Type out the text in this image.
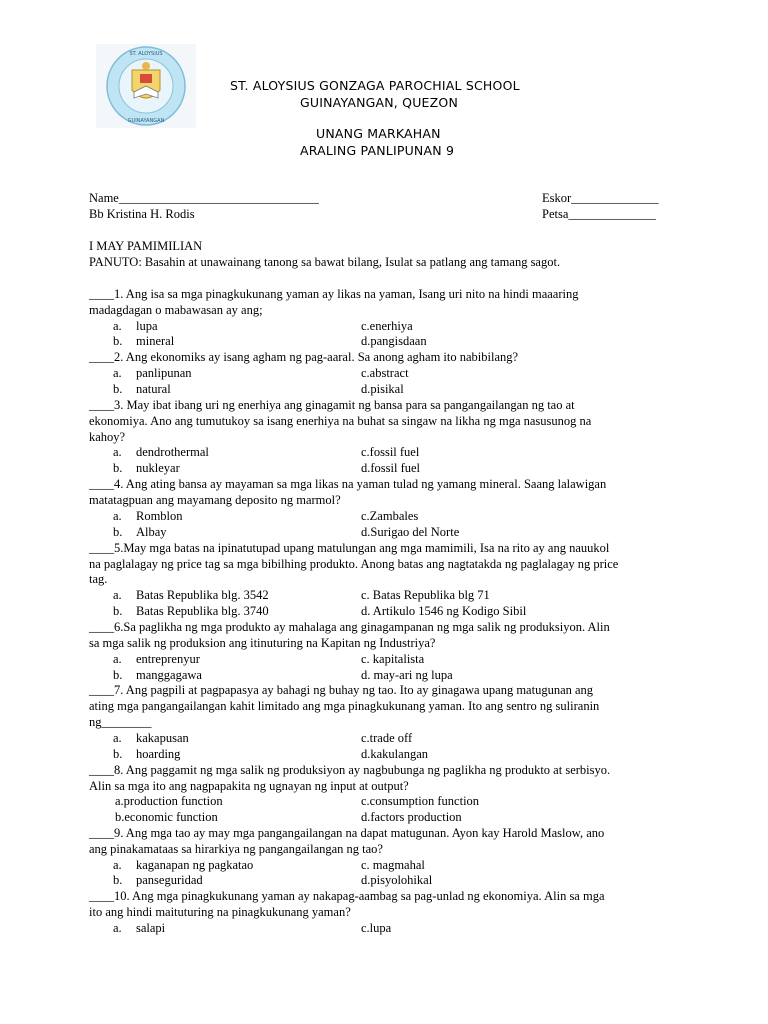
ST. ALOYSIUS
GUINAYANGAN
ST. ALOYSIUS GONZAGA PAROCHIAL SCHOOL
GUINAYANGAN, QUEZON
UNANG MARKAHAN
ARALING PANLIPUNAN 9
Name________________________________	Eskor______________
Bb Kristina H. Rodis	Petsa______________
I MAY PAMIMILIAN
PANUTO: Basahin at unawainang tanong sa bawat bilang, Isulat sa patlang ang tamang sagot.
____1. Ang isa sa mga pinagkukunang yaman ay likas na yaman, Isang uri nito na hindi maaaring
madagdagan o mabawasan ay ang;
a. lupa	c.enerhiya
b. mineral	d.pangisdaan
____2. Ang ekonomiks ay isang agham ng pag-aaral. Sa anong agham ito nabibilang?
a. panlipunan	c.abstract
b. natural	d.pisikal
____3. May ibat ibang uri ng enerhiya ang ginagamit ng bansa para sa pangangailangan ng tao at
ekonomiya. Ano ang tumutukoy sa isang enerhiya na buhat sa singaw na likha ng mga nasusunog na
kahoy?
a. dendrothermal	c.fossil fuel
b. nukleyar	d.fossil fuel
____4. Ang ating bansa ay mayaman sa mga likas na yaman tulad ng yamang mineral. Saang lalawigan
matatagpuan ang mayamang deposito ng marmol?
a. Romblon	c.Zambales
b. Albay	d.Surigao del Norte
____5.May mga batas na ipinatutupad upang matulungan ang mga mamimili, Isa na rito ay ang nauukol
na paglalagay ng price tag sa mga bibilhing produkto. Anong batas ang nagtatakda ng paglalagay ng price
tag.
a. Batas Republika blg. 3542	c. Batas Republika blg 71
b. Batas Republika blg. 3740	d. Artikulo 1546 ng Kodigo Sibil
____6.Sa paglikha ng mga produkto ay mahalaga ang ginagampanan ng mga salik ng produksiyon. Alin
sa mga salik ng produksion ang itinuturing na Kapitan ng Industriya?
a. entreprenyur	c. kapitalista
b. manggagawa	d. may-ari ng lupa
____7. Ang pagpili at pagpapasya ay bahagi ng buhay ng tao. Ito ay ginagawa upang matugunan ang
ating mga pangangailangan kahit limitado ang mga pinagkukunang yaman. Ito ang sentro ng suliranin
ng________
a. kakapusan	c.trade off
b. hoarding	d.kakulangan
____8. Ang paggamit ng mga salik ng produksiyon ay nagbubunga ng paglikha ng produkto at serbisyo.
Alin sa mga ito ang nagpapakita ng ugnayan ng input at output?
a.production function	c.consumption function
b.economic function	d.factors production
____9. Ang mga tao ay may mga pangangailangan na dapat matugunan. Ayon kay Harold Maslow, ano
ang pinakamataas sa hirarkiya ng pangangailangan ng tao?
a. kaganapan ng pagkatao	c. magmahal
b. panseguridad	d.pisyolohikal
____10. Ang mga pinagkukunang yaman ay nakapag-aambag sa pag-unlad ng ekonomiya. Alin sa mga
ito ang hindi maituturing na pinagkukunang yaman?
a. salapi	c.lupa
